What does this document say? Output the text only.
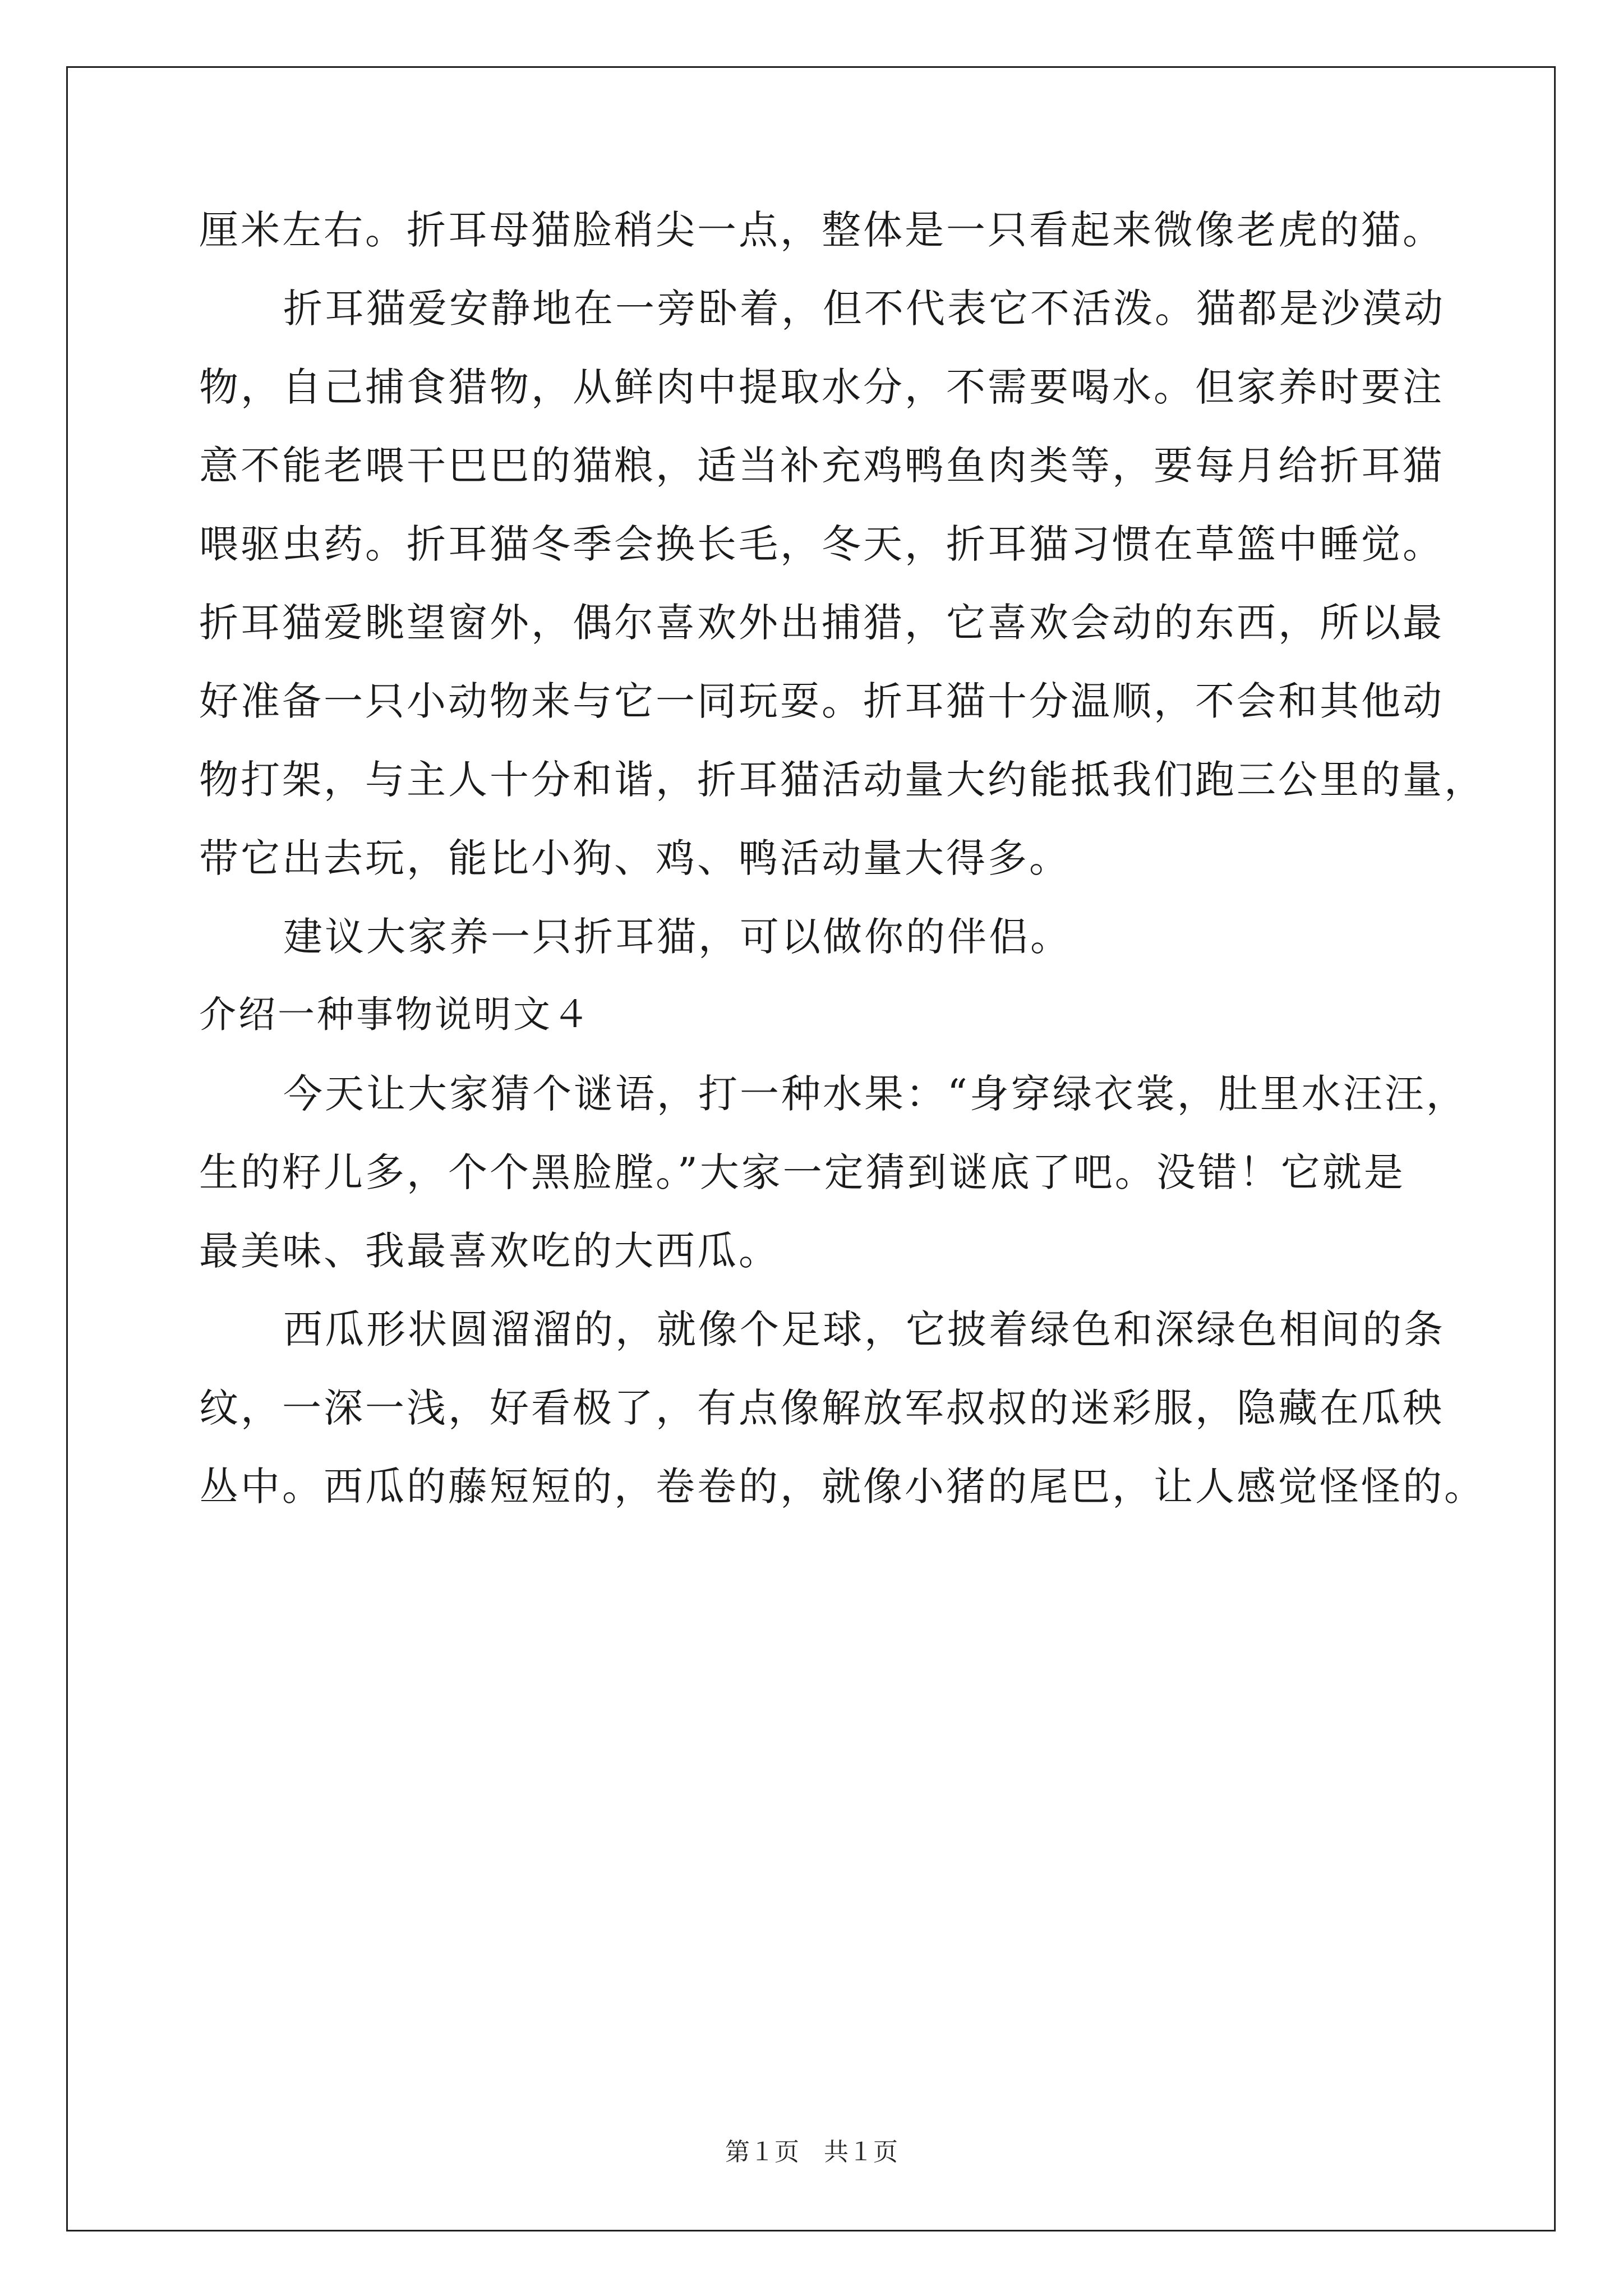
厘米左右。折耳母猫脸稍尖一点，整体是一只看起来微像老虎的猫。
折耳猫爱安静地在一旁卧着，但不代表它不活泼。猫都是沙漠动
物，自己捕食猎物，从鲜肉中提取水分，不需要喝水。但家养时要注
意不能老喂干巴巴的猫粮，适当补充鸡鸭鱼肉类等，要每月给折耳猫
喂驱虫药。折耳猫冬季会换长毛，冬天，折耳猫习惯在草篮中睡觉。
折耳猫爱眺望窗外，偶尔喜欢外出捕猎，它喜欢会动的东西，所以最
好准备一只小动物来与它一同玩耍。折耳猫十分温顺，不会和其他动
物打架，与主人十分和谐，折耳猫活动量大约能抵我们跑三公里的量，
带它出去玩，能比小狗、鸡、鸭活动量大得多。
建议大家养一只折耳猫，可以做你的伴侣。
介绍一种事物说明文４
今天让大家猜个谜语，打一种水果：“身穿绿衣裳，肚里水汪汪，
生的籽儿多，个个黑脸膛。”大家一定猜到谜底了吧。没错！它就是
最美味、我最喜欢吃的大西瓜。
西瓜形状圆溜溜的，就像个足球，它披着绿色和深绿色相间的条
纹，一深一浅，好看极了，有点像解放军叔叔的迷彩服，隐藏在瓜秧
丛中。西瓜的藤短短的，卷卷的，就像小猪的尾巴，让人感觉怪怪的。
第１页　共１页
